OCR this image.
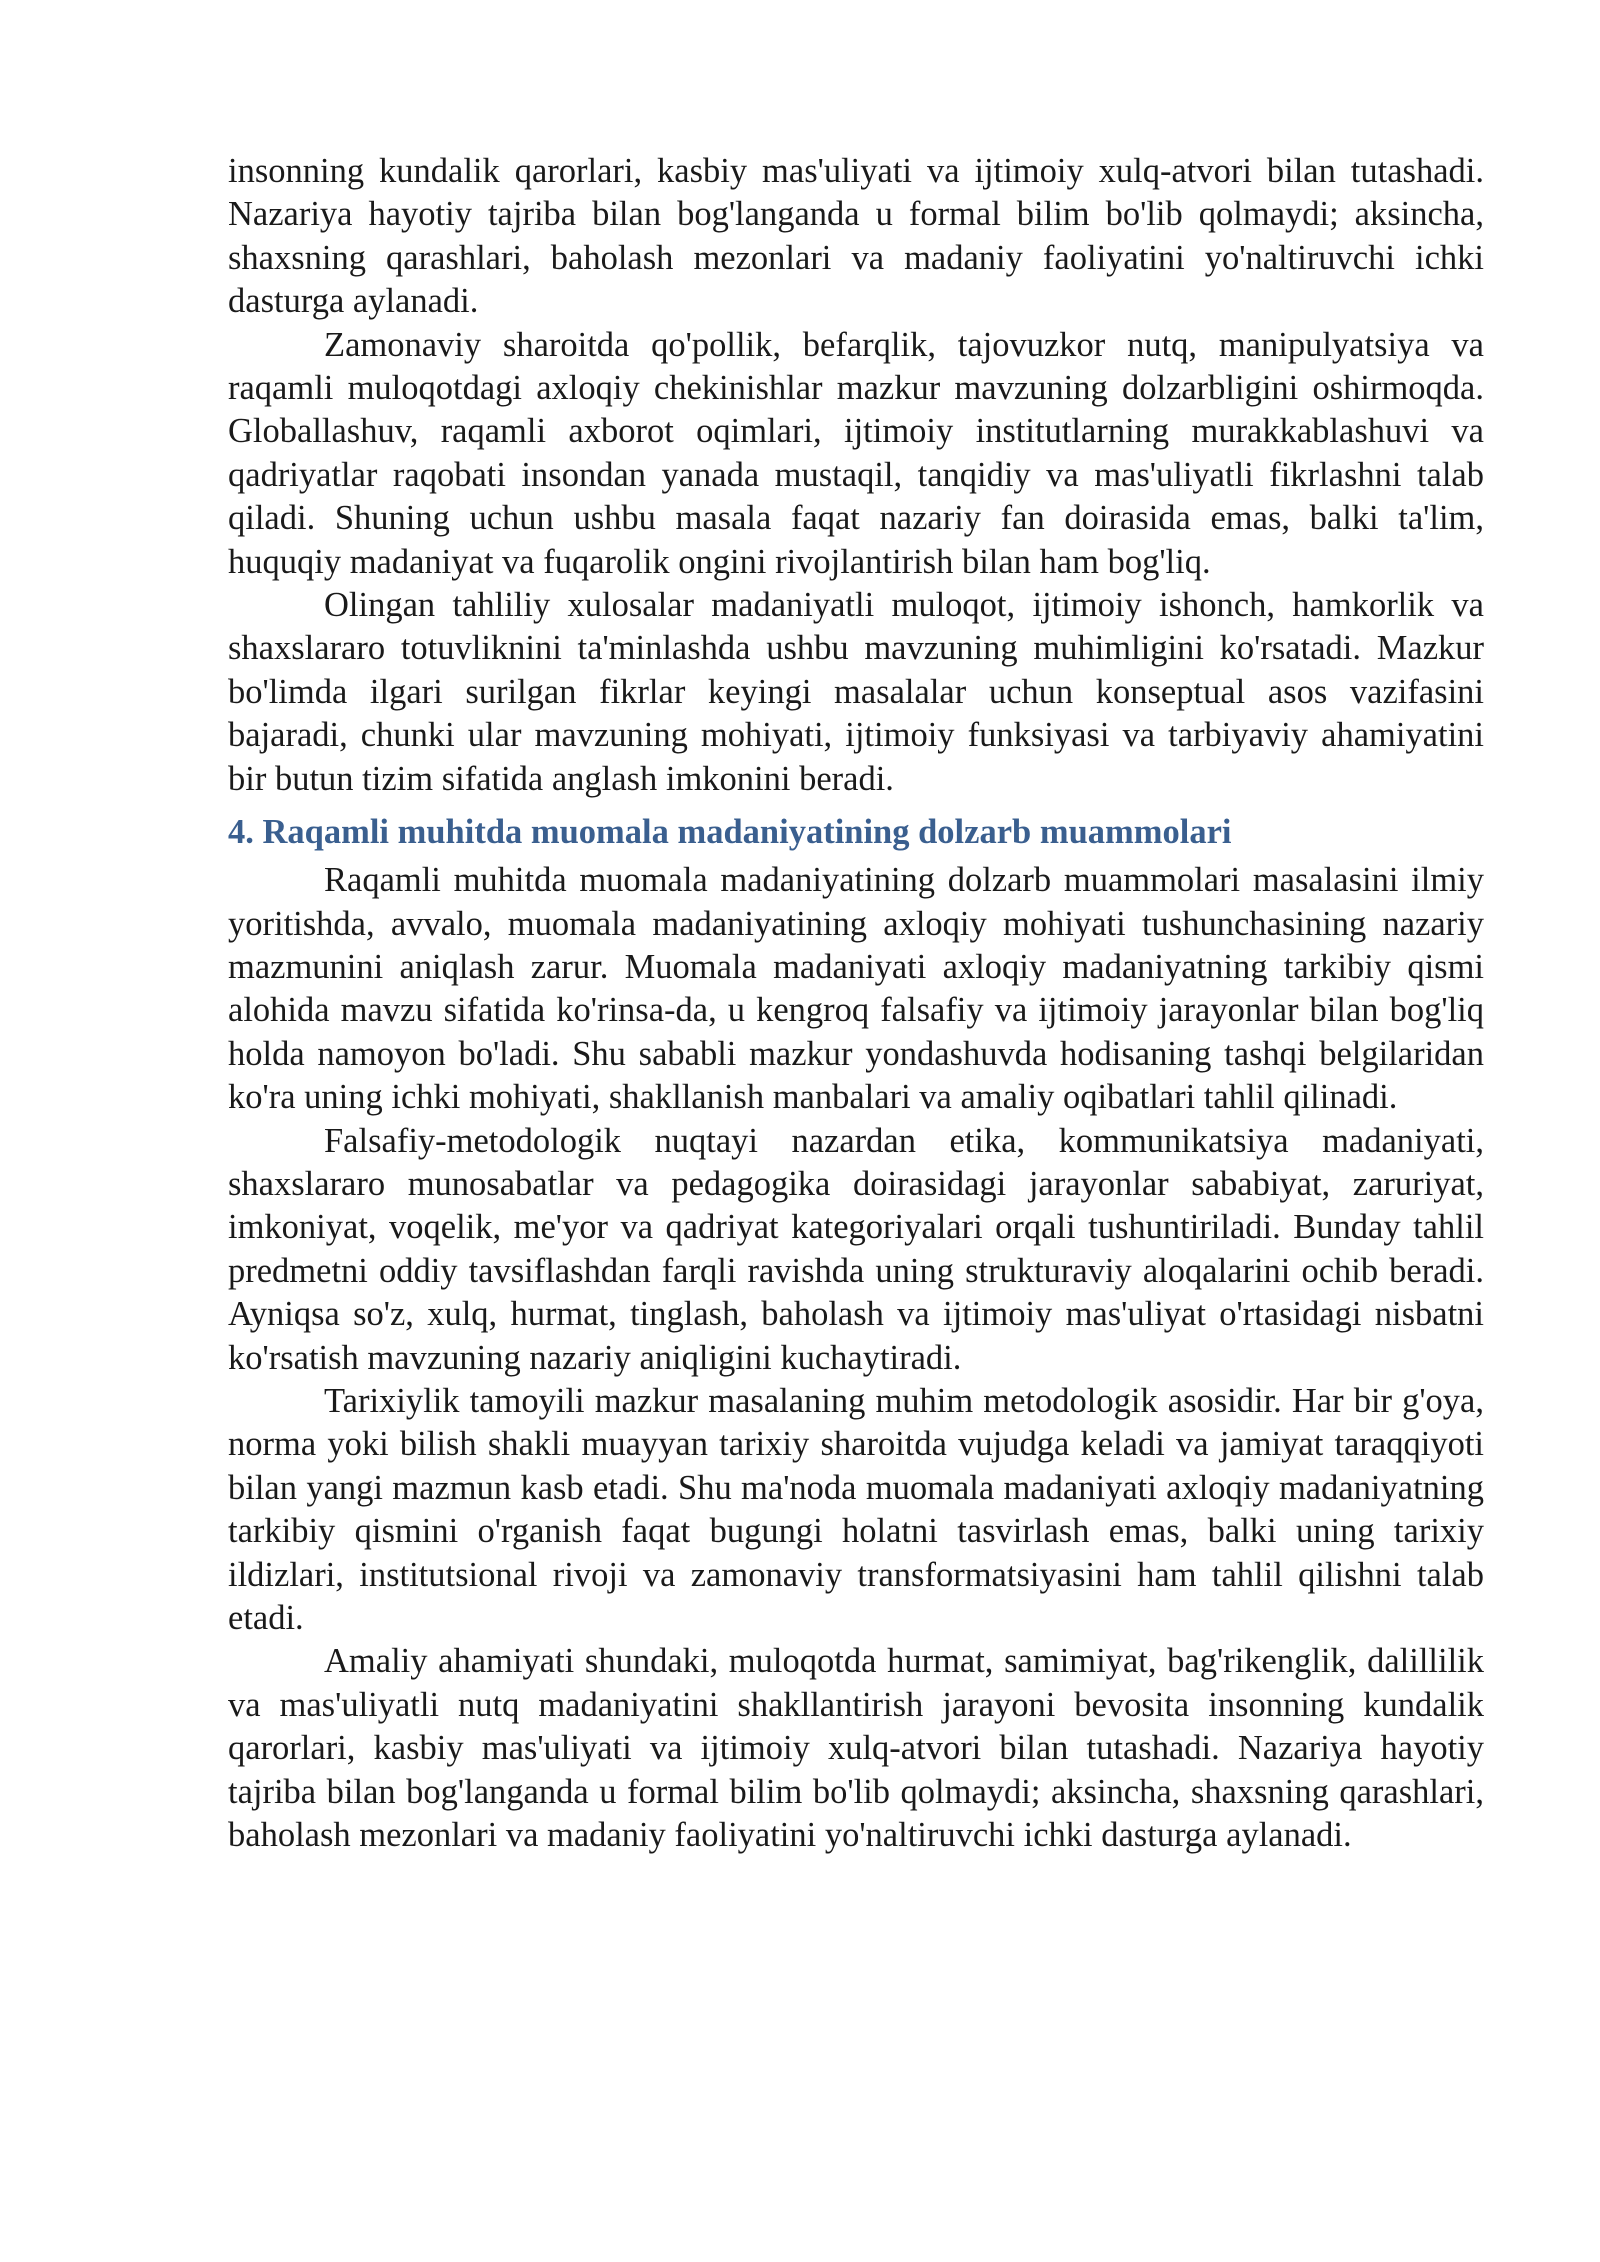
insonning kundalik qarorlari, kasbiy mas'uliyati va ijtimoiy xulq-atvori bilan tutashadi. Nazariya hayotiy tajriba bilan bog'langanda u formal bilim bo'lib qolmaydi; aksincha, shaxsning qarashlari, baholash mezonlari va madaniy faoliyatini yo'naltiruvchi ichki dasturga aylanadi.

Zamonaviy sharoitda qo'pollik, befarqlik, tajovuzkor nutq, manipulyatsiya va raqamli muloqotdagi axloqiy chekinishlar mazkur mavzuning dolzarbligini oshirmoqda. Globallashuv, raqamli axborot oqimlari, ijtimoiy institutlarning murakkablashuvi va qadriyatlar raqobati insondan yanada mustaqil, tanqidiy va mas'uliyatli fikrlashni talab qiladi. Shuning uchun ushbu masala faqat nazariy fan doirasida emas, balki ta'lim, huquqiy madaniyat va fuqarolik ongini rivojlantirish bilan ham bog'liq.

Olingan tahliliy xulosalar madaniyatli muloqot, ijtimoiy ishonch, hamkorlik va shaxslararo totuvliknini ta'minlashda ushbu mavzuning muhimligini ko'rsatadi. Mazkur bo'limda ilgari surilgan fikrlar keyingi masalalar uchun konseptual asos vazifasini bajaradi, chunki ular mavzuning mohiyati, ijtimoiy funksiyasi va tarbiyaviy ahamiyatini bir butun tizim sifatida anglash imkonini beradi.

4. Raqamli muhitda muomala madaniyatining dolzarb muammolari

Raqamli muhitda muomala madaniyatining dolzarb muammolari masalasini ilmiy yoritishda, avvalo, muomala madaniyatining axloqiy mohiyati tushunchasining nazariy mazmunini aniqlash zarur. Muomala madaniyati axloqiy madaniyatning tarkibiy qismi alohida mavzu sifatida ko'rinsa-da, u kengroq falsafiy va ijtimoiy jarayonlar bilan bog'liq holda namoyon bo'ladi. Shu sababli mazkur yondashuvda hodisaning tashqi belgilaridan ko'ra uning ichki mohiyati, shakllanish manbalari va amaliy oqibatlari tahlil qilinadi.

Falsafiy-metodologik nuqtayi nazardan etika, kommunikatsiya madaniyati, shaxslararo munosabatlar va pedagogika doirasidagi jarayonlar sababiyat, zaruriyat, imkoniyat, voqelik, me'yor va qadriyat kategoriyalari orqali tushuntiriladi. Bunday tahlil predmetni oddiy tavsiflashdan farqli ravishda uning strukturaviy aloqalarini ochib beradi. Ayniqsa so'z, xulq, hurmat, tinglash, baholash va ijtimoiy mas'uliyat o'rtasidagi nisbatni ko'rsatish mavzuning nazariy aniqligini kuchaytiradi.

Tarixiylik tamoyili mazkur masalaning muhim metodologik asosidir. Har bir g'oya, norma yoki bilish shakli muayyan tarixiy sharoitda vujudga keladi va jamiyat taraqqiyoti bilan yangi mazmun kasb etadi. Shu ma'noda muomala madaniyati axloqiy madaniyatning tarkibiy qismini o'rganish faqat bugungi holatni tasvirlash emas, balki uning tarixiy ildizlari, institutsional rivoji va zamonaviy transformatsiyasini ham tahlil qilishni talab etadi.

Amaliy ahamiyati shundaki, muloqotda hurmat, samimiyat, bag'rikenglik, dalillilik va mas'uliyatli nutq madaniyatini shakllantirish jarayoni bevosita insonning kundalik qarorlari, kasbiy mas'uliyati va ijtimoiy xulq-atvori bilan tutashadi. Nazariya hayotiy tajriba bilan bog'langanda u formal bilim bo'lib qolmaydi; aksincha, shaxsning qarashlari, baholash mezonlari va madaniy faoliyatini yo'naltiruvchi ichki dasturga aylanadi.
